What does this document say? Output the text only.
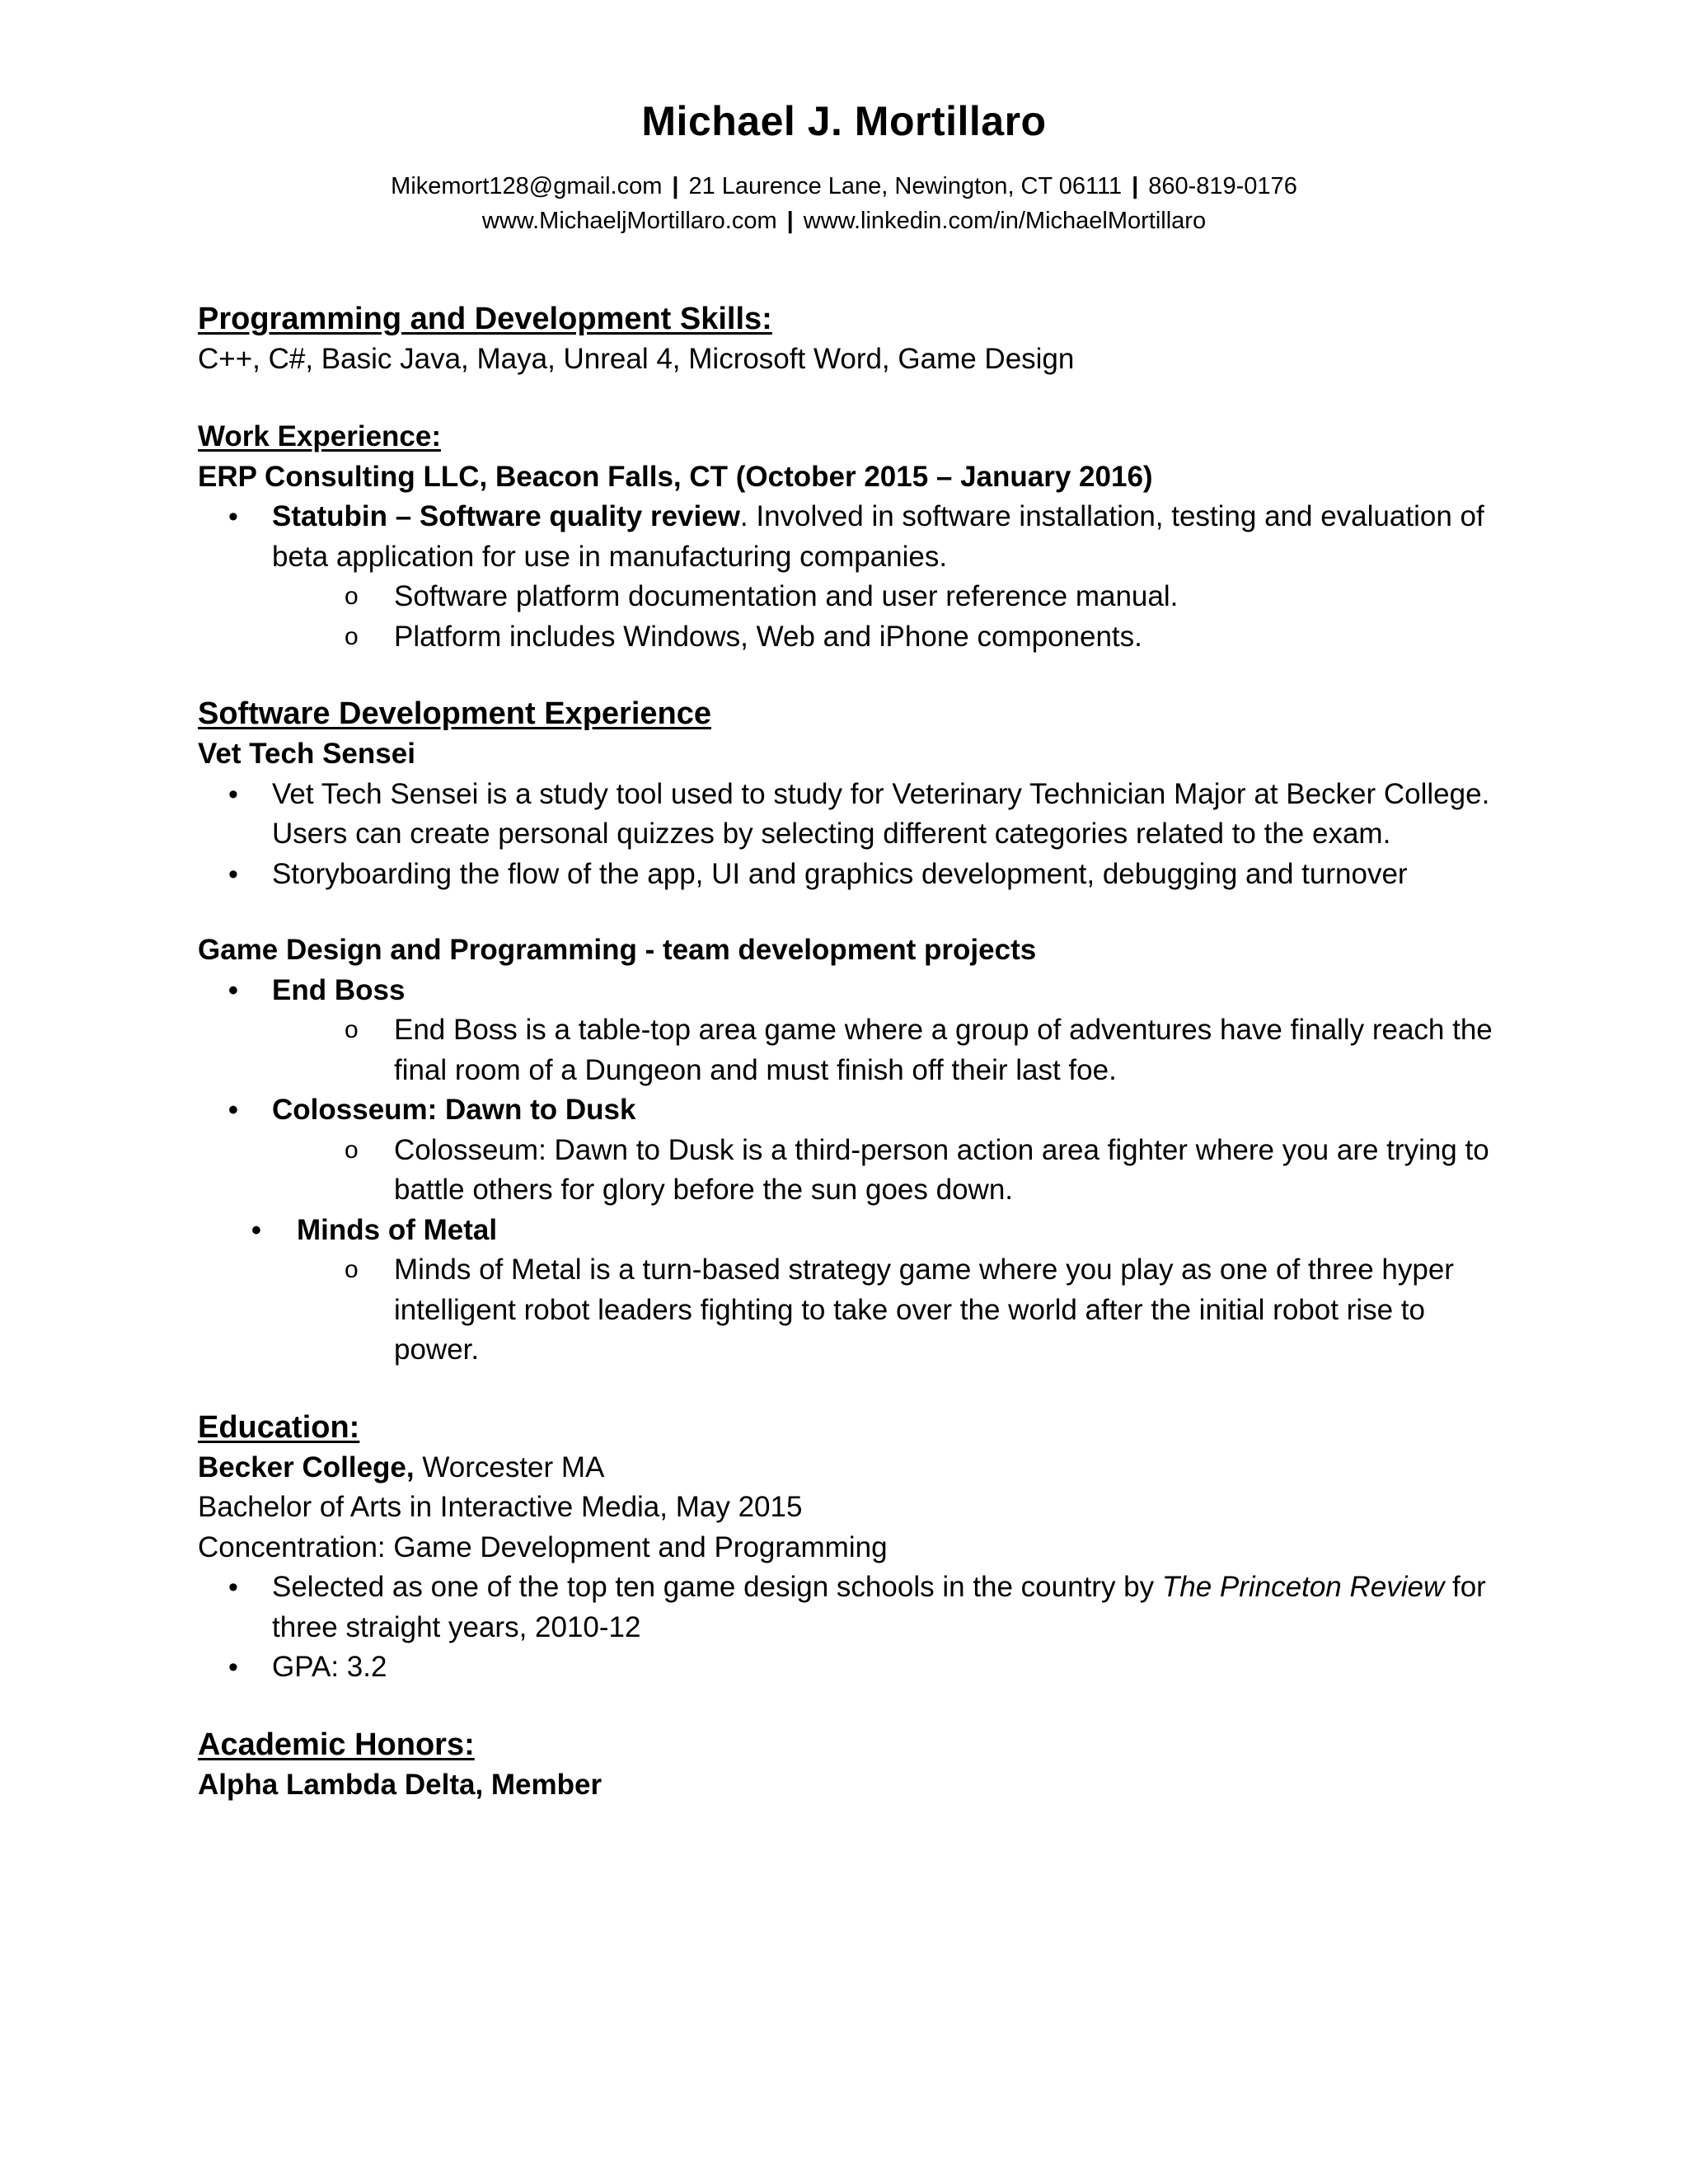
Michael J. Mortillaro
Mikemort128@gmail.com | 21 Laurence Lane, Newington, CT 06111 | 860-819-0176
www.MichaeljMortillaro.com | www.linkedin.com/in/MichaelMortillaro

Programming and Development Skills:

C++, C#, Basic Java, Maya, Unreal 4, Microsoft Word, Game Design

Work Experience:

ERP Consulting LLC, Beacon Falls, CT (October 2015 – January 2016)

• Statubin – Software quality review. Involved in software installation, testing and evaluation of beta application for use in manufacturing companies.

o Software platform documentation and user reference manual.

o Platform includes Windows, Web and iPhone components.

Software Development Experience

Vet Tech Sensei

• Vet Tech Sensei is a study tool used to study for Veterinary Technician Major at Becker College. Users can create personal quizzes by selecting different categories related to the exam.

• Storyboarding the flow of the app, UI and graphics development, debugging and turnover

Game Design and Programming - team development projects

• End Boss

o End Boss is a table-top area game where a group of adventures have finally reach the final room of a Dungeon and must finish off their last foe.

• Colosseum: Dawn to Dusk

o Colosseum: Dawn to Dusk is a third-person action area fighter where you are trying to battle others for glory before the sun goes down.

• Minds of Metal

o Minds of Metal is a turn-based strategy game where you play as one of three hyper intelligent robot leaders fighting to take over the world after the initial robot rise to power.

Education:

Becker College, Worcester MA

Bachelor of Arts in Interactive Media, May 2015

Concentration: Game Development and Programming

• Selected as one of the top ten game design schools in the country by The Princeton Review for three straight years, 2010-12

• GPA: 3.2

Academic Honors:

Alpha Lambda Delta, Member
